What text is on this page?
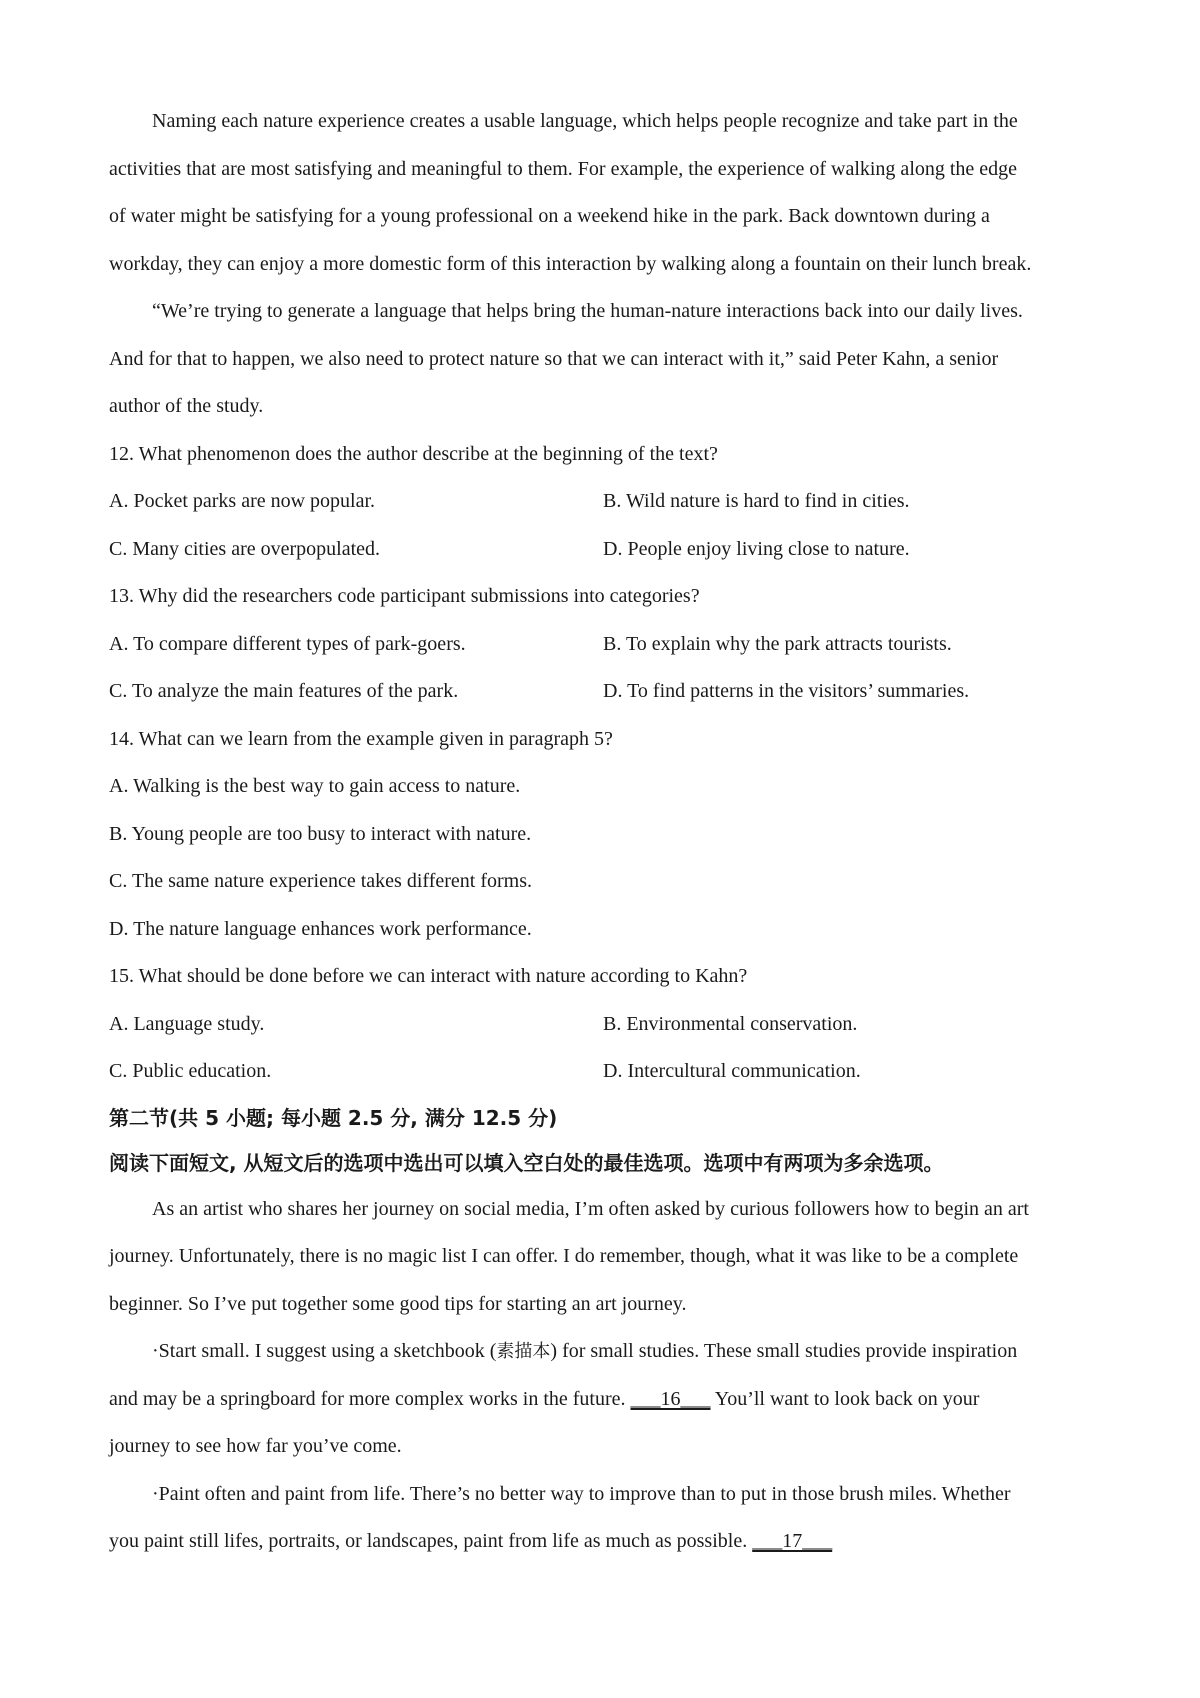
Naming each nature experience creates a usable language, which helps people recognize and take part in the
activities that are most satisfying and meaningful to them. For example, the experience of walking along the edge
of water might be satisfying for a young professional on a weekend hike in the park. Back downtown during a
workday, they can enjoy a more domestic form of this interaction by walking along a fountain on their lunch break.

“We’re trying to generate a language that helps bring the human-nature interactions back into our daily lives.
And for that to happen, we also need to protect nature so that we can interact with it,” said Peter Kahn, a senior
author of the study.

12. What phenomenon does the author describe at the beginning of the text?

A. Pocket parks are now popular.	B. Wild nature is hard to find in cities.
C. Many cities are overpopulated.	D. People enjoy living close to nature.

13. Why did the researchers code participant submissions into categories?

A. To compare different types of park-goers.	B. To explain why the park attracts tourists.
C. To analyze the main features of the park.	D. To find patterns in the visitors’ summaries.

14. What can we learn from the example given in paragraph 5?

A. Walking is the best way to gain access to nature.

B. Young people are too busy to interact with nature.

C. The same nature experience takes different forms.

D. The nature language enhances work performance.

15. What should be done before we can interact with nature according to Kahn?

A. Language study.	B. Environmental conservation.
C. Public education.	D. Intercultural communication.

第二节(共 5 小题; 每小题 2.5 分, 满分 12.5 分)

阅读下面短文, 从短文后的选项中选出可以填入空白处的最佳选项。选项中有两项为多余选项。

As an artist who shares her journey on social media, I’m often asked by curious followers how to begin an art
journey. Unfortunately, there is no magic list I can offer. I do remember, though, what it was like to be a complete
beginner. So I’ve put together some good tips for starting an art journey.

·Start small. I suggest using a sketchbook (素描本) for small studies. These small studies provide inspiration
and may be a springboard for more complex works in the future. ___16___ You’ll want to look back on your
journey to see how far you’ve come.

·Paint often and paint from life. There’s no better way to improve than to put in those brush miles. Whether
you paint still lifes, portraits, or landscapes, paint from life as much as possible. ___17___
